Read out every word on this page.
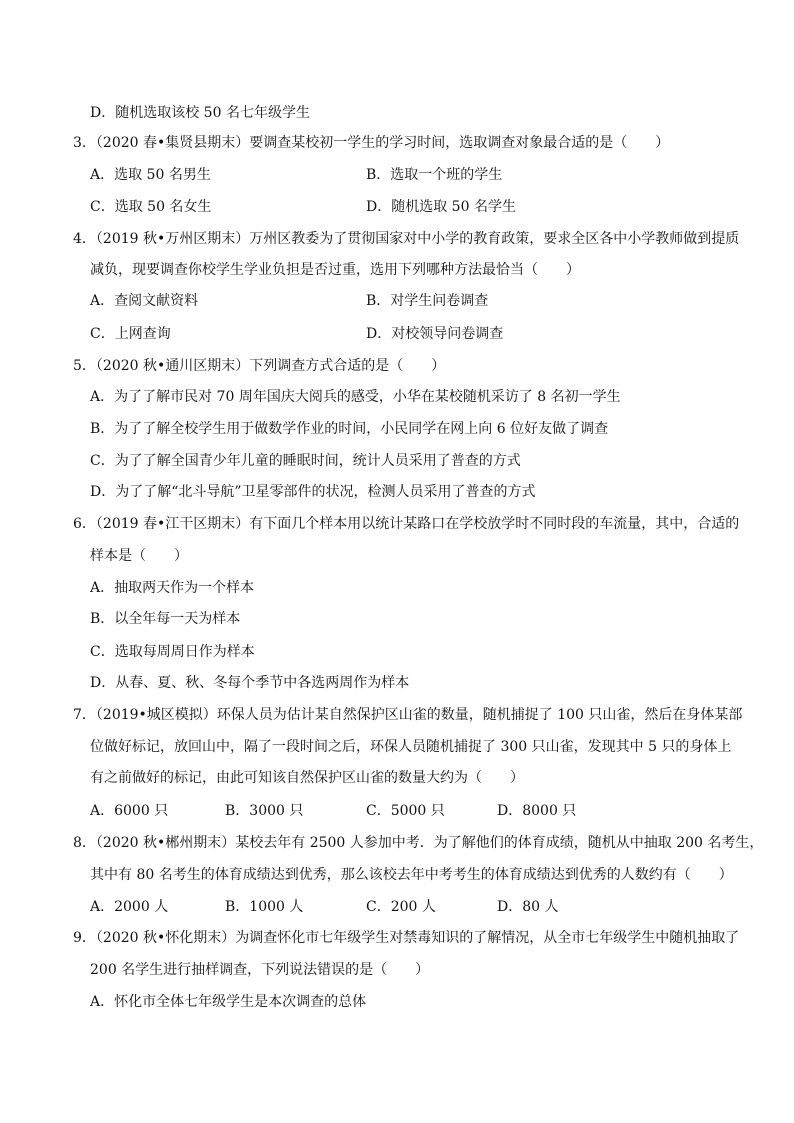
D．随机选取该校 50 名七年级学生
3．（2020 春•集贤县期末）要调查某校初一学生的学习时间，选取调查对象最合适的是（　　）
A．选取 50 名男生	B．选取一个班的学生
C．选取 50 名女生	D．随机选取 50 名学生
4．（2019 秋•万州区期末）万州区教委为了贯彻国家对中小学的教育政策，要求全区各中小学教师做到提质
减负，现要调查你校学生学业负担是否过重，选用下列哪种方法最恰当（　　）
A．查阅文献资料	B．对学生问卷调查
C．上网查询	D．对校领导问卷调查
5．（2020 秋•通川区期末）下列调查方式合适的是（　　）
A．为了了解市民对 70 周年国庆大阅兵的感受，小华在某校随机采访了 8 名初一学生
B．为了了解全校学生用于做数学作业的时间，小民同学在网上向 6 位好友做了调查
C．为了了解全国青少年儿童的睡眠时间，统计人员采用了普查的方式
D．为了了解“北斗导航”卫星零部件的状况，检测人员采用了普查的方式
6．（2019 春•江干区期末）有下面几个样本用以统计某路口在学校放学时不同时段的车流量，其中，合适的
样本是（　　）
A．抽取两天作为一个样本
B．以全年每一天为样本
C．选取每周周日作为样本
D．从春、夏、秋、冬每个季节中各选两周作为样本
7．（2019•城区模拟）环保人员为估计某自然保护区山雀的数量，随机捕捉了 100 只山雀，然后在身体某部
位做好标记，放回山中，隔了一段时间之后，环保人员随机捕捉了 300 只山雀，发现其中 5 只的身体上
有之前做好的标记，由此可知该自然保护区山雀的数量大约为（　　）
A．6000 只	B．3000 只	C．5000 只	D．8000 只
8．（2020 秋•郴州期末）某校去年有 2500 人参加中考．为了解他们的体育成绩，随机从中抽取 200 名考生，
其中有 80 名考生的体育成绩达到优秀，那么该校去年中考考生的体育成绩达到优秀的人数约有（　　）
A．2000 人	B．1000 人	C．200 人	D．80 人
9．（2020 秋•怀化期末）为调查怀化市七年级学生对禁毒知识的了解情况，从全市七年级学生中随机抽取了
200 名学生进行抽样调查，下列说法错误的是（　　）
A．怀化市全体七年级学生是本次调查的总体
